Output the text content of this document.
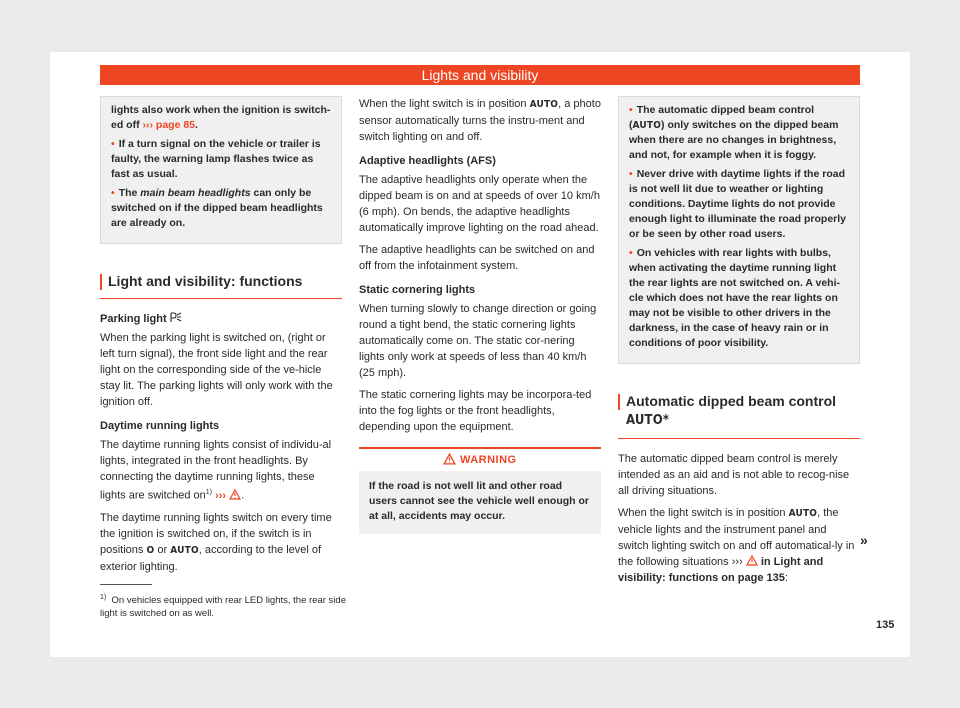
Lights and visibility

lights also work when the ignition is switch-ed off ››› page 85.

• If a turn signal on the vehicle or trailer is faulty, the warning lamp flashes twice as fast as usual.

• The main beam headlights can only be switched on if the dipped beam headlights are already on.

Light and visibility: functions
Parking light

When the parking light is switched on, (right or left turn signal), the front side light and the rear light on the corresponding side of the ve-hicle stay lit. The parking lights will only work with the ignition off.

Daytime running lights

The daytime running lights consist of individu-al lights, integrated in the front headlights. By connecting the daytime running lights, these lights are switched $on^{1)}$ ››› .

The daytime running lights switch on every time the ignition is switched on, if the switch is in positions O or AUTO, according to the level of exterior lighting.

When the light switch is in position AUTO, a photo sensor automatically turns the instru-ment and switch lighting on and off.

Adaptive headlights (AFS)

The adaptive headlights only operate when the dipped beam is on and at speeds of over 10 km/h (6 mph). On bends, the adaptive headlights automatically improve lighting on the road ahead.

The adaptive headlights can be switched on and off from the infotainment system.

Static cornering lights

When turning slowly to change direction or going round a tight bend, the static cornering lights automatically come on. The static cor-nering lights only work at speeds of less than 40 km/h (25 mph).

The static cornering lights may be incorpora-ted into the fog lights or the front headlights, depending upon the equipment.

WARNING
If the road is not well lit and other road users cannot see the vehicle well enough or at all, accidents may occur.

• The automatic dipped beam control (AUTO) only switches on the dipped beam when there are no changes in brightness, and not, for example when it is foggy.

• Never drive with daytime lights if the road is not well lit due to weather or lighting conditions. Daytime lights do not provide enough light to illuminate the road properly or be seen by other road users.

• On vehicles with rear lights with bulbs, when activating the daytime running light the rear lights are not switched on. A vehi-cle which does not have the rear lights on may not be visible to other drivers in the darkness, in the case of heavy rain or in conditions of poor visibility.

Automatic dipped beam control
AUTO*

The automatic dipped beam control is merely intended as an aid and is not able to recog-nise all driving situations.

When the light switch is in position AUTO, the vehicle lights and the instrument panel and switch lighting switch on and off automatical-ly in the following situations ›››  in Light and visibility: functions on page 135:

»
$^{1)}$ On vehicles equipped with rear LED lights, the rear side light is switched on as well.
135
